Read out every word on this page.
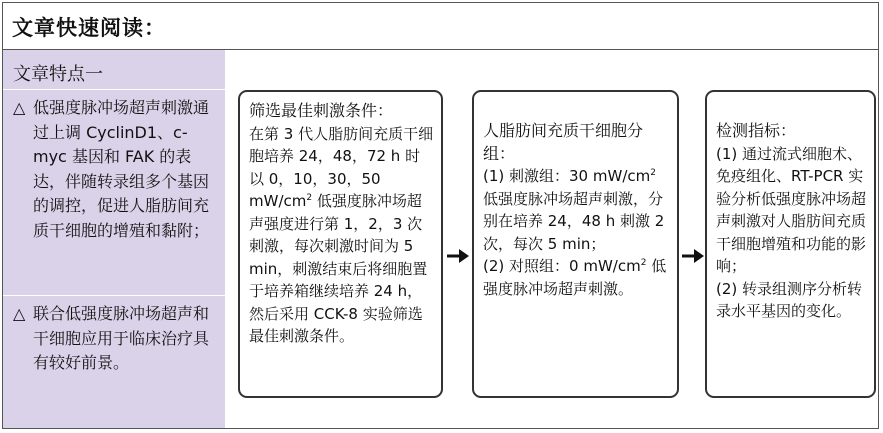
文章快速阅读：
文章特点一
△ 低强度脉冲场超声刺激通过上调 CyclinD1、c-myc 基因和 FAK 的表达，伴随转录组多个基因的调控，促进人脂肪间充质干细胞的增殖和黏附；
△ 联合低强度脉冲场超声和干细胞应用于临床治疗具有较好前景。
筛选最佳刺激条件：
在第 3 代人脂肪间充质干细胞培养 24，48，72 h 时以 0，10，30，50 $mW/cm^2$ 低强度脉冲场超声强度进行第 1，2，3 次刺激，每次刺激时间为 5 min，刺激结束后将细胞置于培养箱继续培养 24 h，然后采用 CCK-8 实验筛选最佳刺激条件。
人脂肪间充质干细胞分组：
(1) 刺激组：30 $mW/cm^2$ 低强度脉冲场超声刺激，分别在培养 24，48 h 刺激 2 次，每次 5 min；
(2) 对照组：0 $mW/cm^2$ 低强度脉冲场超声刺激。
检测指标：
(1) 通过流式细胞术、免疫组化、RT-PCR 实验分析低强度脉冲场超声刺激对人脂肪间充质干细胞增殖和功能的影响；
(2) 转录组测序分析转录水平基因的变化。
